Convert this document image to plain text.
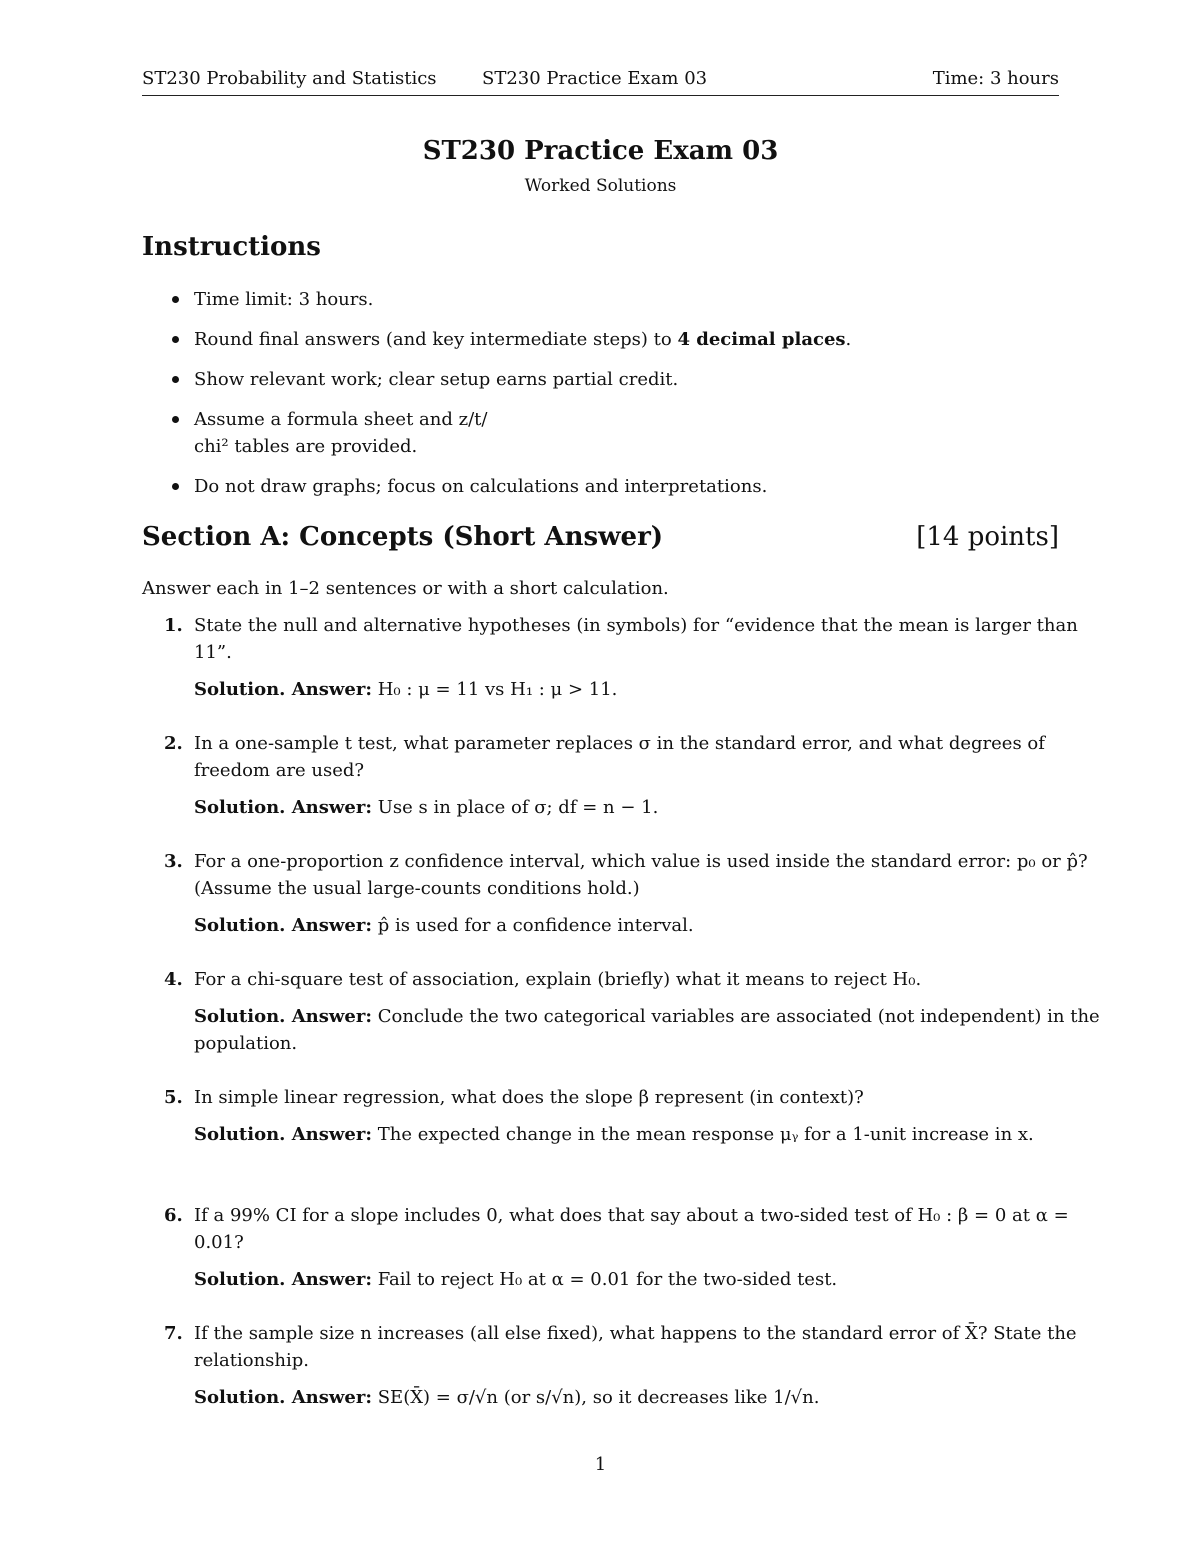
ST230 Probability and Statistics	ST230 Practice Exam 03	Time: 3 hours
ST230 Practice Exam 03
Worked Solutions
Instructions
Time limit: 3 hours.
Round final answers (and key intermediate steps) to 4 decimal places.
Show relevant work; clear setup earns partial credit.
Assume a formula sheet and z/t/
chi² tables are provided.
Do not draw graphs; focus on calculations and interpretations.
Section A: Concepts (Short Answer)	[14 points]
Answer each in 1–2 sentences or with a short calculation.
1. State the null and alternative hypotheses (in symbols) for “evidence that the mean is larger than 11”.
Solution. Answer: H₀ : μ = 11 vs H₁ : μ > 11.
2. In a one-sample t test, what parameter replaces σ in the standard error, and what degrees of freedom are used?
Solution. Answer: Use s in place of σ; df = n − 1.
3. For a one-proportion z confidence interval, which value is used inside the standard error: p₀ or p̂? (Assume the usual large-counts conditions hold.)
Solution. Answer: p̂ is used for a confidence interval.
4. For a chi-square test of association, explain (briefly) what it means to reject H₀.
Solution. Answer: Conclude the two categorical variables are associated (not independent) in the population.
5. In simple linear regression, what does the slope β represent (in context)?
Solution. Answer: The expected change in the mean response μᵧ for a 1-unit increase in x.
6. If a 99% CI for a slope includes 0, what does that say about a two-sided test of H₀ : β = 0 at α = 0.01?
Solution. Answer: Fail to reject H₀ at α = 0.01 for the two-sided test.
7. If the sample size n increases (all else fixed), what happens to the standard error of X̄? State the relationship.
Solution. Answer: SE(X̄) = σ/√n (or s/√n), so it decreases like 1/√n.
1
